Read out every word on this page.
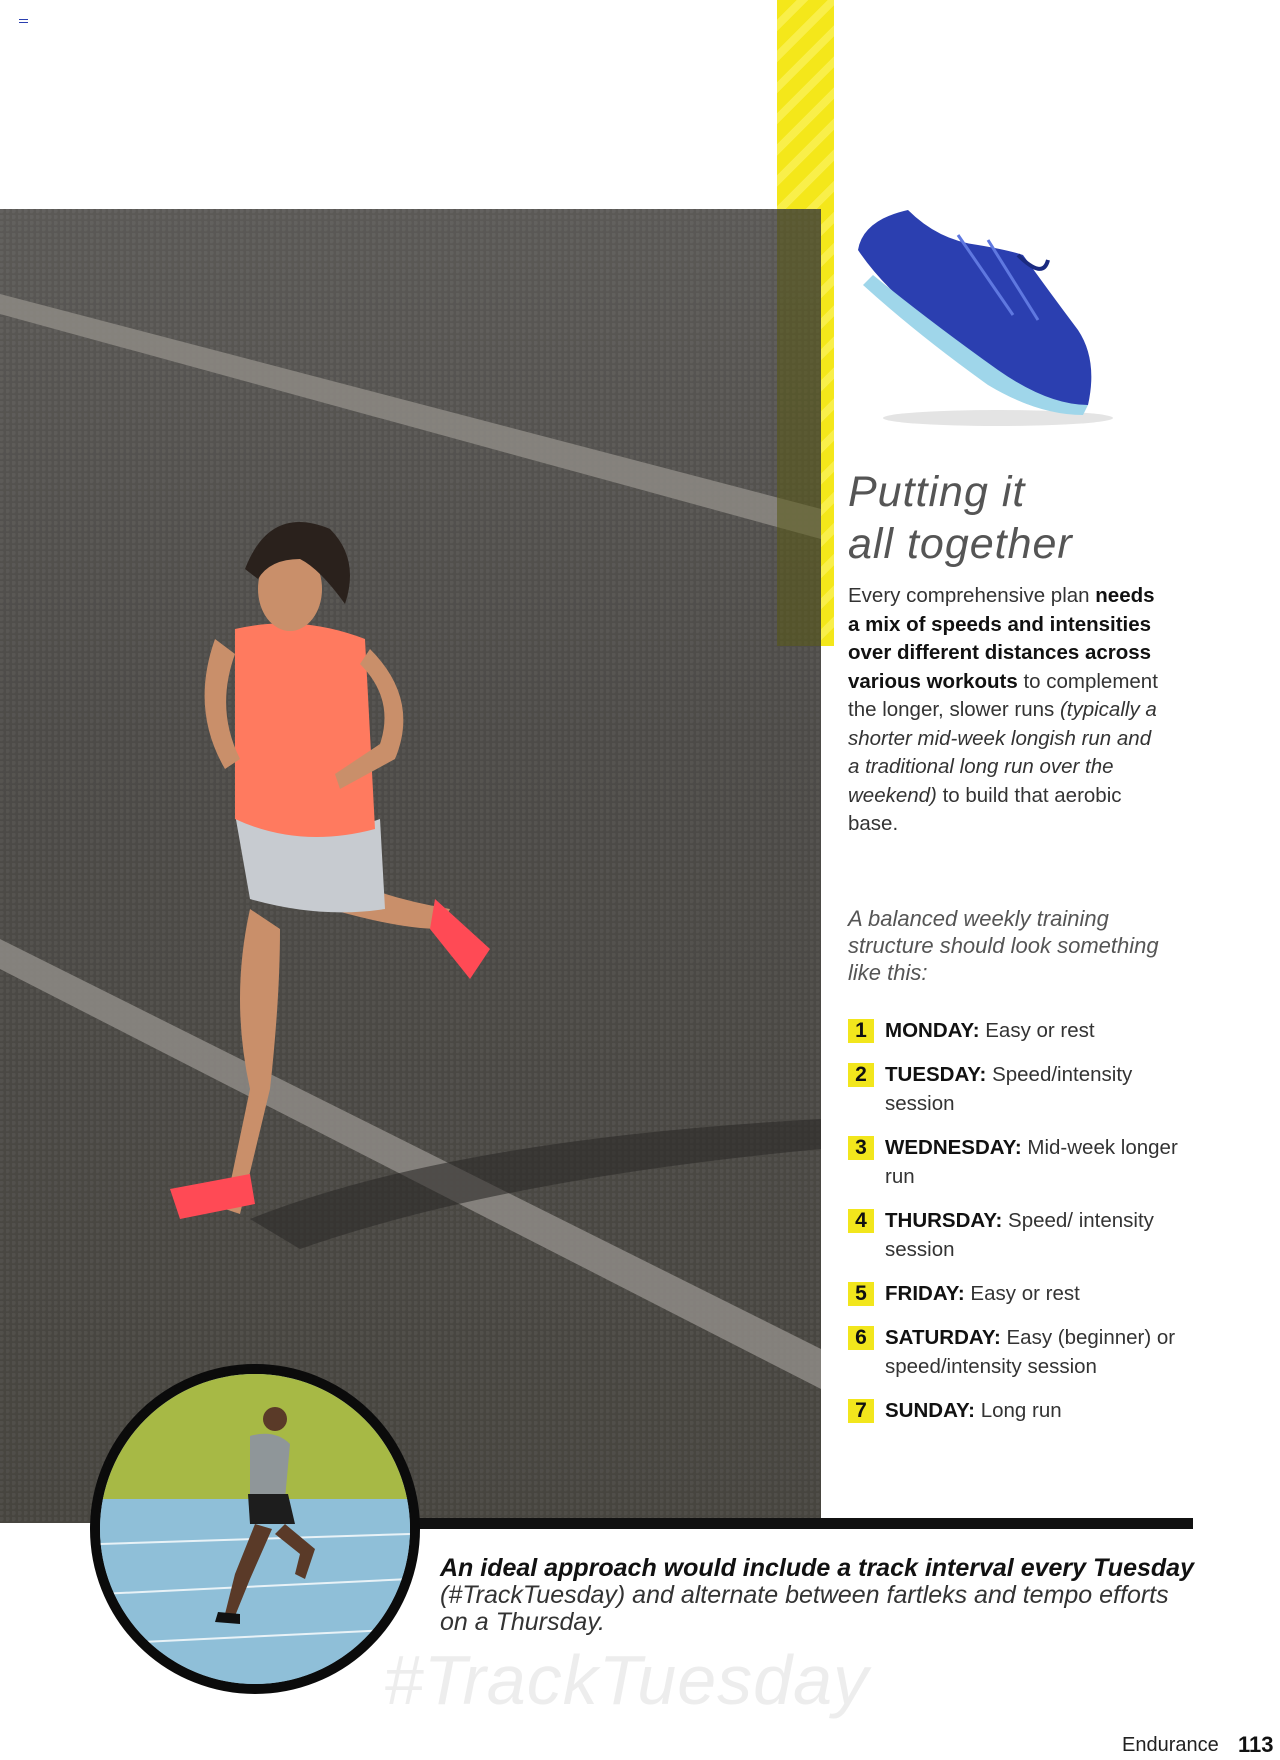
Putting it
all together
Every comprehensive plan needs a mix of speeds and intensities over different distances across various workouts to complement the longer, slower runs (typically a shorter mid-week longish run and a traditional long run over the weekend) to build that aerobic base.
A balanced weekly training structure should look something like this:
1 MONDAY: Easy or rest
2 TUESDAY: Speed/intensity session
3 WEDNESDAY: Mid-week longer run
4 THURSDAY: Speed/ intensity session
5 FRIDAY: Easy or rest
6 SATURDAY: Easy (beginner) or speed/intensity session
7 SUNDAY: Long run
An ideal approach would include a track interval every Tuesday (#TrackTuesday) and alternate between fartleks and tempo efforts on a Thursday.
#TrackTuesday
Endurance 113
